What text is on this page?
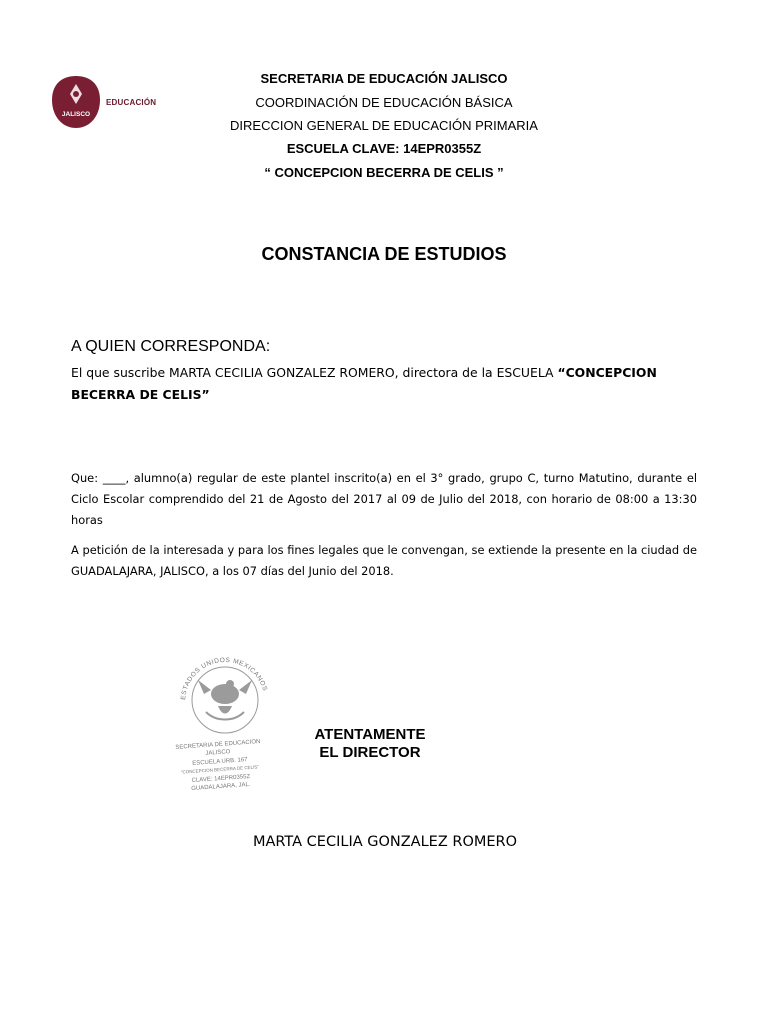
JALISCO
EDUCACIÓN
SECRETARIA DE EDUCACIÓN JALISCO
COORDINACIÓN DE EDUCACIÓN BÁSICA
DIRECCION GENERAL DE EDUCACIÓN PRIMARIA
ESCUELA CLAVE: 14EPR0355Z
“ CONCEPCION BECERRA DE CELIS ”
CONSTANCIA DE ESTUDIOS
A QUIEN CORRESPONDA:
El que suscribe MARTA CECILIA GONZALEZ ROMERO, directora de la ESCUELA “CONCEPCION BECERRA DE CELIS”
Que: ____, alumno(a) regular de este plantel inscrito(a) en el 3° grado, grupo C, turno Matutino, durante el Ciclo Escolar comprendido del 21 de Agosto del 2017 al 09 de Julio del 2018, con horario de 08:00 a 13:30 horas
A petición de la interesada y para los fines legales que le convengan, se extiende la presente en la ciudad de GUADALAJARA, JALISCO, a los 07 días del Junio del 2018.
ESTADOS UNIDOS MEXICANOS
SECRETARIA DE EDUCACION
JALISCO
ESCUELA URB. 167
"CONCEPCION BECERRA DE CELIS"
CLAVE: 14EPR0355Z
GUADALAJARA, JAL.
ATENTAMENTE
EL DIRECTOR
MARTA CECILIA GONZALEZ ROMERO
